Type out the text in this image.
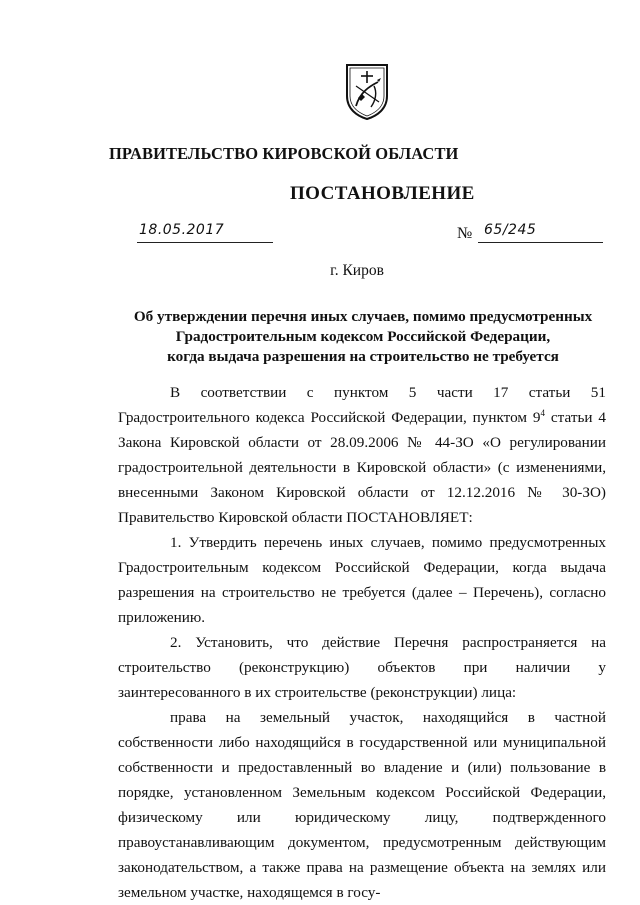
ПРАВИТЕЛЬСТВО КИРОВСКОЙ ОБЛАСТИ
ПОСТАНОВЛЕНИЕ
18.05.2017	№ 65/245
г. Киров
Об утверждении перечня иных случаев, помимо предусмотренных
Градостроительным кодексом Российской Федерации,
когда выдача разрешения на строительство не требуется

В соответствии с пунктом 5 части 17 статьи 51 Градостроительного кодекса Российской Федерации, пунктом $9^4$ статьи 4 Закона Кировской области от 28.09.2006 № 44-ЗО «О регулировании градостроительной деятельности в Кировской области» (с изменениями, внесенными Законом Кировской области от 12.12.2016 № 30-ЗО) Правительство Кировской области ПОСТАНОВЛЯЕТ:

1. Утвердить перечень иных случаев, помимо предусмотренных Градостроительным кодексом Российской Федерации, когда выдача разрешения на строительство не требуется (далее – Перечень), согласно приложению.

2. Установить, что действие Перечня распространяется на строительство (реконструкцию) объектов при наличии у заинтересованного в их строительстве (реконструкции) лица:

права на земельный участок, находящийся в частной собственности либо находящийся в государственной или муниципальной собственности и предоставленный во владение и (или) пользование в порядке, установленном Земельным кодексом Российской Федерации, физическому или юридическому лицу, подтвержденного правоустанавливающим документом, предусмотренным действующим законодательством, а также права на размещение объекта на землях или земельном участке, находящемся в госу-
